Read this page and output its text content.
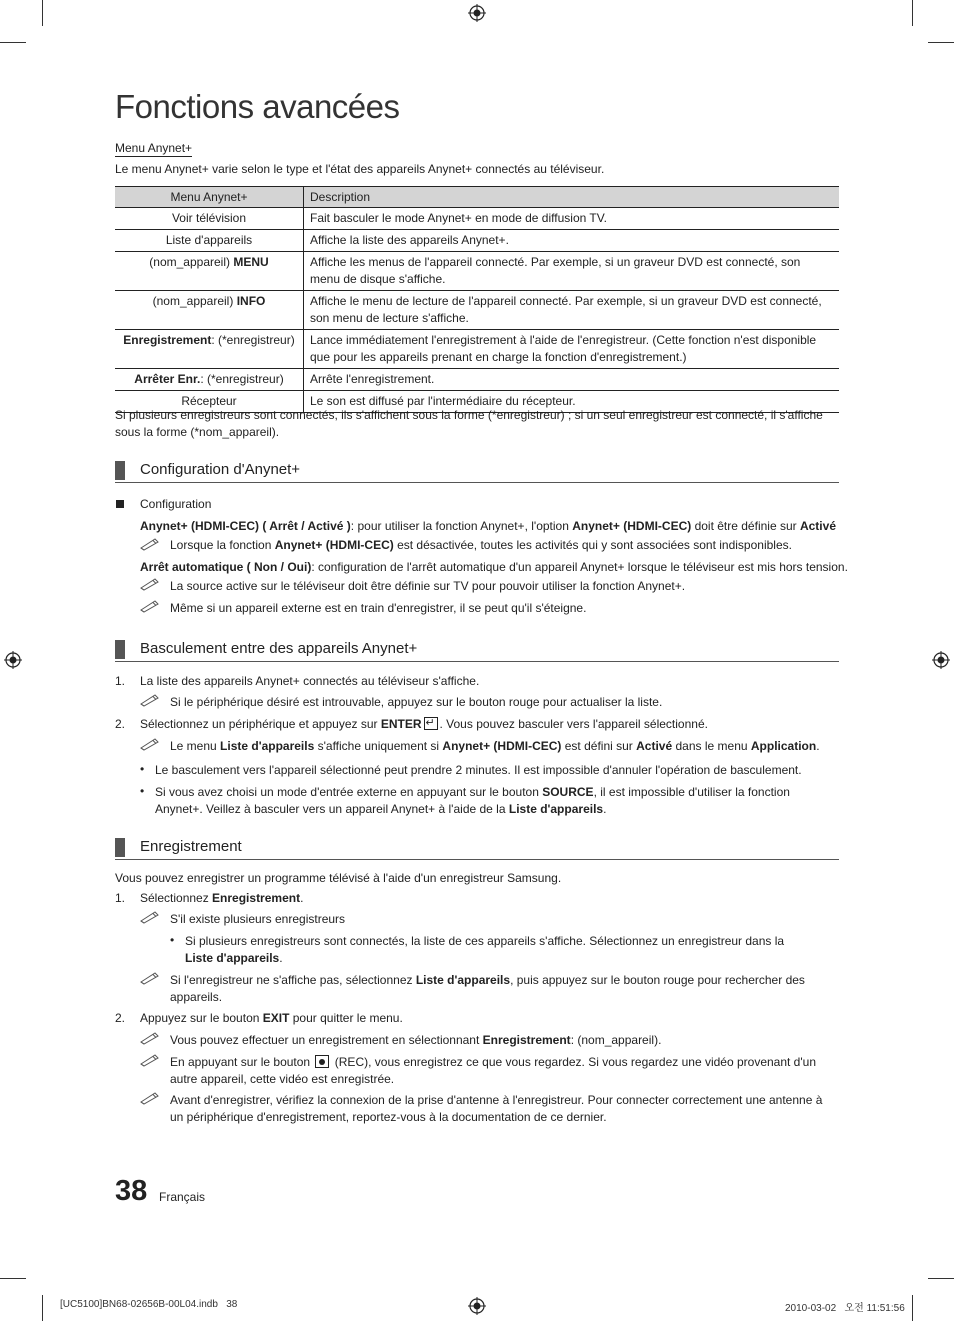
Fonctions avancées
Menu Anynet+
Le menu Anynet+ varie selon le type et l'état des appareils Anynet+ connectés au téléviseur.
Menu Anynet+	Description
Voir télévision	Fait basculer le mode Anynet+ en mode de diffusion TV.
Liste d'appareils	Affiche la liste des appareils Anynet+.
(nom_appareil) MENU	Affiche les menus de l'appareil connecté. Par exemple, si un graveur DVD est connecté, son menu de disque s'affiche.
(nom_appareil) INFO	Affiche le menu de lecture de l'appareil connecté. Par exemple, si un graveur DVD est connecté, son menu de lecture s'affiche.
Enregistrement: (*enregistreur)	Lance immédiatement l'enregistrement à l'aide de l'enregistreur. (Cette fonction n'est disponible que pour les appareils prenant en charge la fonction d'enregistrement.)
Arrêter Enr.: (*enregistreur)	Arrête l'enregistrement.
Récepteur	Le son est diffusé par l'intermédiaire du récepteur.
Si plusieurs enregistreurs sont connectés, ils s'affichent sous la forme (*enregistreur) ; si un seul enregistreur est connecté, il s'affiche sous la forme (*nom_appareil).
Configuration d'Anynet+
Configuration
Anynet+ (HDMI-CEC) ( Arrêt / Activé ): pour utiliser la fonction Anynet+, l'option Anynet+ (HDMI-CEC) doit être définie sur Activé
Lorsque la fonction Anynet+ (HDMI-CEC) est désactivée, toutes les activités qui y sont associées sont indisponibles.
Arrêt automatique ( Non / Oui): configuration de l'arrêt automatique d'un appareil Anynet+ lorsque le téléviseur est mis hors tension.
La source active sur le téléviseur doit être définie sur TV pour pouvoir utiliser la fonction Anynet+.
Même si un appareil externe est en train d'enregistrer, il se peut qu'il s'éteigne.
Basculement entre des appareils Anynet+
1. La liste des appareils Anynet+ connectés au téléviseur s'affiche.
Si le périphérique désiré est introuvable, appuyez sur le bouton rouge pour actualiser la liste.
2. Sélectionnez un périphérique et appuyez sur ENTER ↵ . Vous pouvez basculer vers l'appareil sélectionné.
Le menu Liste d'appareils s'affiche uniquement si Anynet+ (HDMI-CEC) est défini sur Activé dans le menu Application.
• Le basculement vers l'appareil sélectionné peut prendre 2 minutes. Il est impossible d'annuler l'opération de basculement.
• Si vous avez choisi un mode d'entrée externe en appuyant sur le bouton SOURCE, il est impossible d'utiliser la fonction Anynet+. Veillez à basculer vers un appareil Anynet+ à l'aide de la Liste d'appareils.
Enregistrement
Vous pouvez enregistrer un programme télévisé à l'aide d'un enregistreur Samsung.
1. Sélectionnez Enregistrement.
S'il existe plusieurs enregistreurs
• Si plusieurs enregistreurs sont connectés, la liste de ces appareils s'affiche. Sélectionnez un enregistreur dans la Liste d'appareils.
Si l'enregistreur ne s'affiche pas, sélectionnez Liste d'appareils, puis appuyez sur le bouton rouge pour rechercher des appareils.
2. Appuyez sur le bouton EXIT pour quitter le menu.
Vous pouvez effectuer un enregistrement en sélectionnant Enregistrement: (nom_appareil).
En appuyant sur le bouton  (REC), vous enregistrez ce que vous regardez. Si vous regardez une vidéo provenant d'un autre appareil, cette vidéo est enregistrée.
Avant d'enregistrer, vérifiez la connexion de la prise d'antenne à l'enregistreur. Pour connecter correctement une antenne à un périphérique d'enregistrement, reportez-vous à la documentation de ce dernier.
38 Français
[UC5100]BN68-02656B-00L04.indb   38	2010-03-02   오전 11:51:56
